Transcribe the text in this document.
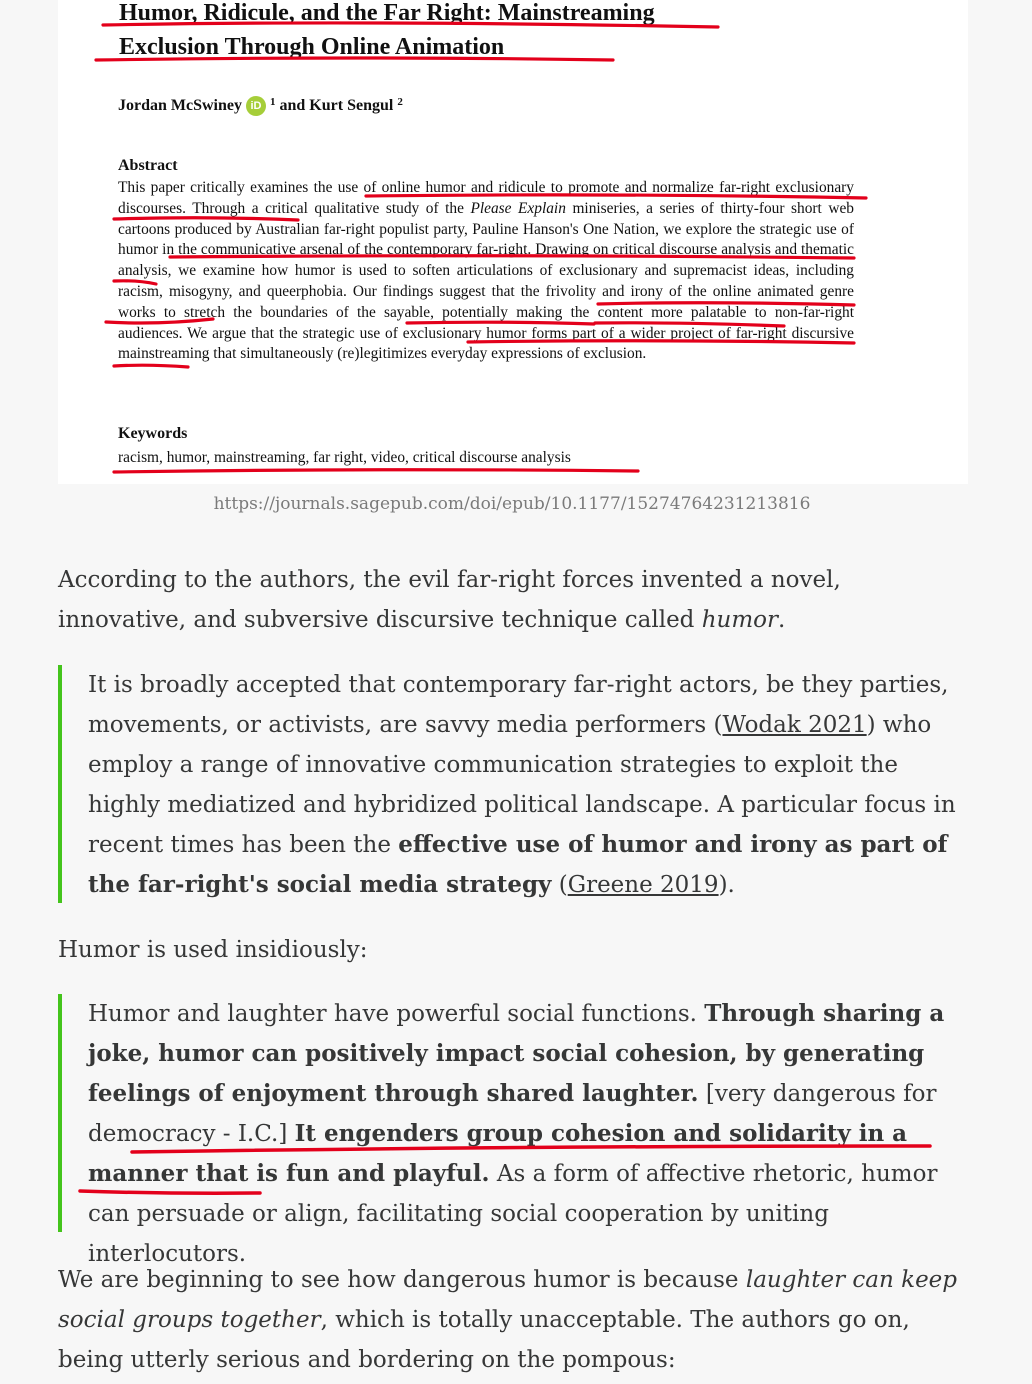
Humor, Ridicule, and the Far Right: Mainstreaming
Exclusion Through Online Animation
Jordan McSwiney iD $^1$ and Kurt Sengul $^2$
Abstract
This paper critically examines the use of online humor and ridicule to promote and normalize far-right exclusionary discourses. Through a critical qualitative study of the Please Explain miniseries, a series of thirty-four short web cartoons produced by Australian far-right populist party, Pauline Hanson's One Nation, we explore the strategic use of humor in the communicative arsenal of the contemporary far-right. Drawing on critical discourse analysis and thematic analysis, we examine how humor is used to soften articulations of exclusionary and supremacist ideas, including racism, misogyny, and queerphobia. Our findings suggest that the frivolity and irony of the online animated genre works to stretch the boundaries of the sayable, potentially making the content more palatable to non-far-right audiences. We argue that the strategic use of exclusionary humor forms part of a wider project of far-right discursive mainstreaming that simultaneously (re)legitimizes everyday expressions of exclusion.
Keywords
racism, humor, mainstreaming, far right, video, critical discourse analysis
https://journals.sagepub.com/doi/epub/10.1177/15274764231213816
According to the authors, the evil far-right forces invented a novel, innovative, and subversive discursive technique called humor.
It is broadly accepted that contemporary far-right actors, be they parties, movements, or activists, are savvy media performers (Wodak 2021) who employ a range of innovative communication strategies to exploit the highly mediatized and hybridized political landscape. A particular focus in recent times has been the effective use of humor and irony as part of the far-right's social media strategy (Greene 2019).
Humor is used insidiously:
Humor and laughter have powerful social functions. Through sharing a joke, humor can positively impact social cohesion, by generating feelings of enjoyment through shared laughter. [very dangerous for democracy - I.C.] It engenders group cohesion and solidarity in a manner that is fun and playful. As a form of affective rhetoric, humor can persuade or align, facilitating social cooperation by uniting interlocutors.
We are beginning to see how dangerous humor is because laughter can keep social groups together, which is totally unacceptable. The authors go on, being utterly serious and bordering on the pompous:
